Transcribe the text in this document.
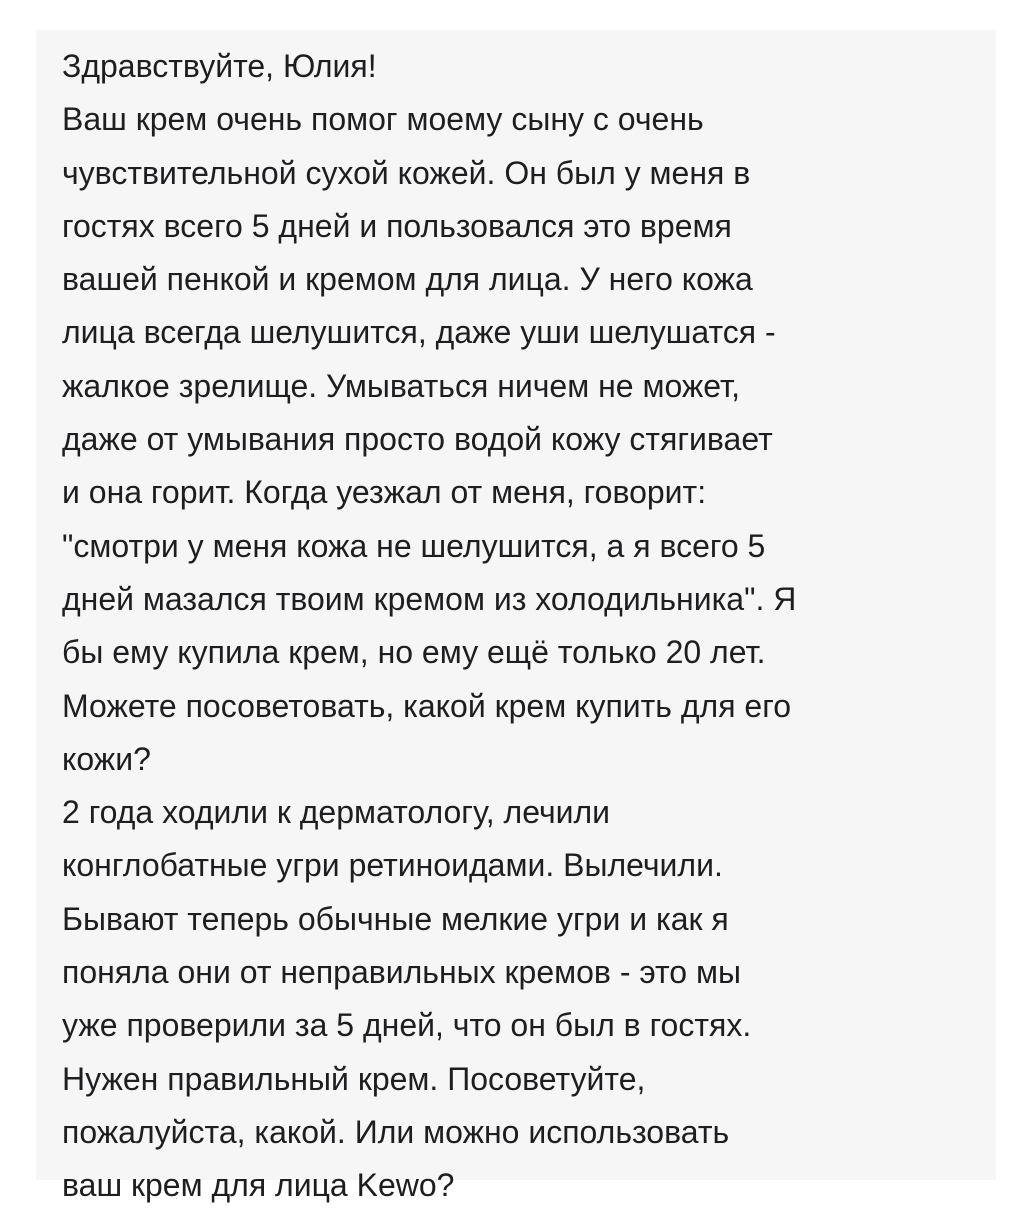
Здравствуйте, Юлия!
Ваш крем очень помог моему сыну с очень
чувствительной сухой кожей. Он был у меня в
гостях всего 5 дней и пользовался это время
вашей пенкой и кремом для лица. У него кожа
лица всегда шелушится, даже уши шелушатся -
жалкое зрелище. Умываться ничем не может,
даже от умывания просто водой кожу стягивает
и она горит. Когда уезжал от меня, говорит:
"смотри у меня кожа не шелушится, а я всего 5
дней мазался твоим кремом из холодильника". Я
бы ему купила крем, но ему ещё только 20 лет.
Можете посоветовать, какой крем купить для его
кожи?
2 года ходили к дерматологу, лечили
конглобатные угри ретиноидами. Вылечили.
Бывают теперь обычные мелкие угри и как я
поняла они от неправильных кремов - это мы
уже проверили за 5 дней, что он был в гостях.
Нужен правильный крем. Посоветуйте,
пожалуйста, какой. Или можно использовать
ваш крем для лица Kewo?
